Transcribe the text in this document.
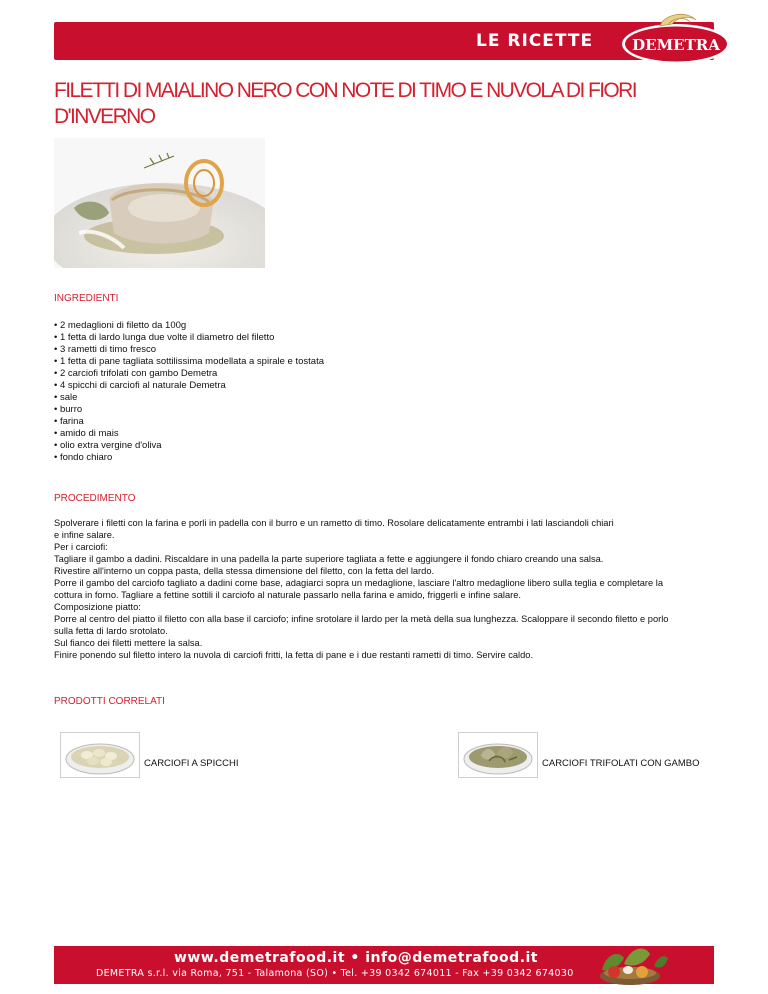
LE RICETTE	DEMETRA
FILETTI DI MAIALINO NERO CON NOTE DI TIMO E NUVOLA DI FIORI D'INVERNO
INGREDIENTI
• 2 medaglioni di filetto da 100g
• 1 fetta di lardo lunga due volte il diametro del filetto
• 3 rametti di timo fresco
• 1 fetta di pane tagliata sottilissima modellata a spirale e tostata
• 2 carciofi trifolati con gambo Demetra
• 4 spicchi di carciofi al naturale Demetra
• sale
• burro
• farina
• amido di mais
• olio extra vergine d'oliva
• fondo chiaro
PROCEDIMENTO

Spolverare i filetti con la farina e porli in padella con il burro e un rametto di timo. Rosolare delicatamente entrambi i lati lasciandoli chiari

e infine salare.

Per i carciofi:

Tagliare il gambo a dadini. Riscaldare in una padella la parte superiore tagliata a fette e aggiungere il fondo chiaro creando una salsa.

Rivestire all'interno un coppa pasta, della stessa dimensione del filetto, con la fetta del lardo.

Porre il gambo del carciofo tagliato a dadini come base, adagiarci sopra un medaglione, lasciare l'altro medaglione libero sulla teglia e completare la

cottura in forno. Tagliare a fettine sottili il carciofo al naturale passarlo nella farina e amido, friggerli e infine salare.

Composizione piatto:

Porre al centro del piatto il filetto con alla base il carciofo; infine srotolare il lardo per la metà della sua lunghezza. Scaloppare il secondo filetto e porlo

sulla fetta di lardo srotolato.

Sul fianco dei filetti mettere la salsa.

Finire ponendo sul filetto intero la nuvola di carciofi fritti, la fetta di pane e i due restanti rametti di timo. Servire caldo.

PRODOTTI CORRELATI
CARCIOFI A SPICCHI	CARCIOFI TRIFOLATI CON GAMBO
www.demetrafood.it • info@demetrafood.it
DEMETRA s.r.l. via Roma, 751 - Talamona (SO) • Tel. +39 0342 674011 - Fax +39 0342 674030
